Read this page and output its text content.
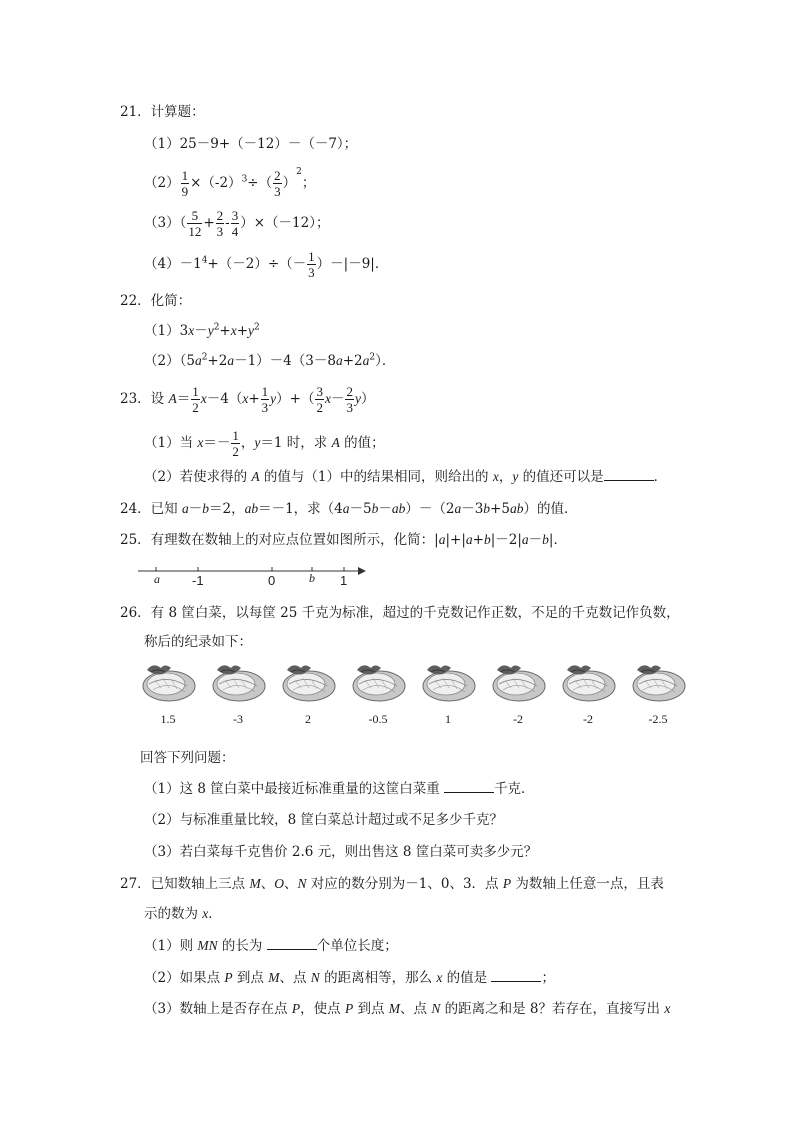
21．计算题：
（1）25－9+（－12）－（－7）；
$(2) \frac{1}{9} \times(-2)^3\div( \frac{2}{3} )^2$；
$(3)( \frac{5}{12} + \frac{2}{3} - \frac{3}{4} )\times(-12)$；
$(4)-1^4+(-2)\div(- \frac{1}{3} )-|-9|$．
22．化简：
$(1)3x-y^2+x+y^2$
$(2)(5a^2+2a-1)-4(3-8a+2a^2)$．
23．设 $A= \frac{1}{2} x-4(x+ \frac{1}{3} y)+( \frac{3}{2} x- \frac{2}{3} y)$
（1）当 $x=- \frac{1}{2}$ ，y＝1 时，求 A 的值；
（2）若使求得的 A 的值与（1）中的结果相同，则给出的 x，y 的值还可以是	．
24．已知 a－b＝2，ab＝－1，求（4a－5b－ab）－（2a－3b+5ab）的值．
25．有理数在数轴上的对应点位置如图所示，化简：|a|+|a+b|－2|a－b|．
a -1	0	b 1
26．有 8 筐白菜，以每筐 25 千克为标准，超过的千克数记作正数，不足的千克数记作负数，
称后的纪录如下：
1.5	-3	2	-0.5	1	-2	-2	-2.5
回答下列问题：
（1）这 8 筐白菜中最接近标准重量的这筐白菜重	千克．
（2）与标准重量比较，8 筐白菜总计超过或不足多少千克？
（3）若白菜每千克售价 2.6 元，则出售这 8 筐白菜可卖多少元？
27．已知数轴上三点 M、O、N 对应的数分别为－1、0、3．点 P 为数轴上任意一点，且表
示的数为 x．
（1）则 MN 的长为	个单位长度；
（2）如果点 P 到点 M、点 N 的距离相等，那么 x 的值是	；
（3）数轴上是否存在点 P，使点 P 到点 M、点 N 的距离之和是 8？若存在，直接写出 x
